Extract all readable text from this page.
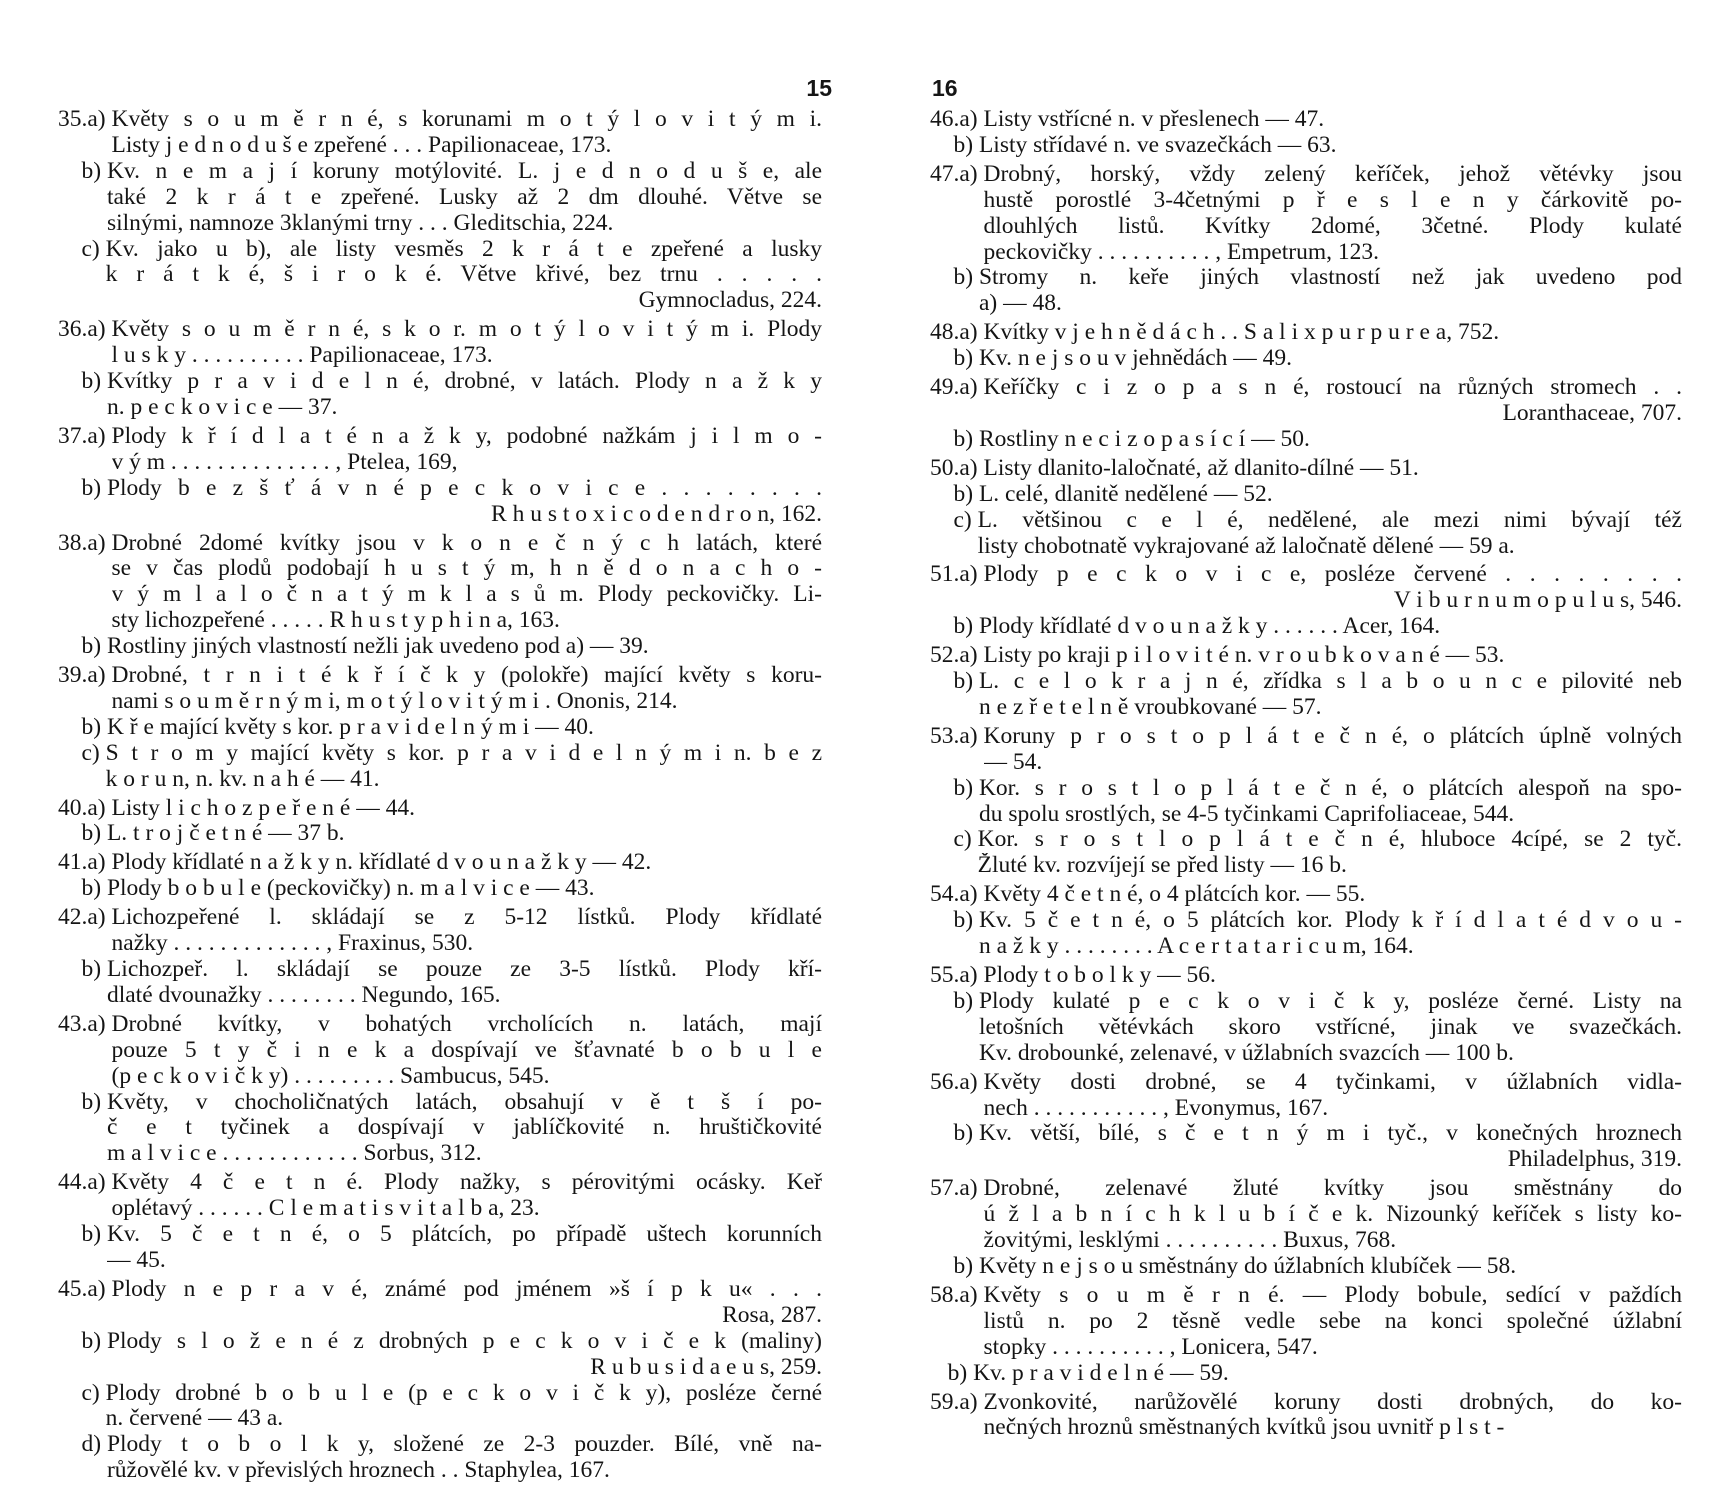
15
35.a) Květy s o u m ě r n é, s korunami m o t ý l o v i t ý m i.
Listy j e d n o d u š e zpeřené . . . Papilionaceae, 173.
b) Kv. n e m a j í koruny motýlovité. L. j e d n o d u š e, ale
také 2 k r á t e zpeřené. Lusky až 2 dm dlouhé. Větve se
silnými, namnoze 3klanými trny . . . Gleditschia, 224.
c) Kv. jako u b), ale listy vesměs 2 k r á t e zpeřené a lusky
k r á t k é, š i r o k é. Větve křivé, bez trnu . . . . .
Gymnocladus, 224.
36.a) Květy s o u m ě r n é, s k o r. m o t ý l o v i t ý m i. Plody
l u s k y . . . . . . . . . . Papilionaceae, 173.
b) Kvítky p r a v i d e l n é, drobné, v latách. Plody n a ž k y
n. p e c k o v i c e — 37.
37.a) Plody k ř í d l a t é n a ž k y, podobné nažkám j i l m o -
v ý m . . . . . . . . . . . . . . , Ptelea, 169,
b) Plody b e z š ť á v n é p e c k o v i c e . . . . . . . .
R h u s t o x i c o d e n d r o n, 162.
38.a) Drobné 2domé kvítky jsou v k o n e č n ý c h latách, které
se v čas plodů podobají h u s t ý m, h n ě d o n a c h o -
v ý m l a l o č n a t ý m k l a s ů m. Plody peckovičky. Li-
sty lichozpeřené . . . . . R h u s t y p h i n a, 163.
b) Rostliny jiných vlastností nežli jak uvedeno pod a) — 39.
39.a) Drobné, t r n i t é k ř í č k y (polokře) mající květy s koru-
nami s o u m ě r n ý m i, m o t ý l o v i t ý m i . Ononis, 214.
b) K ř e mající květy s kor. p r a v i d e l n ý m i — 40.
c) S t r o m y mající květy s kor. p r a v i d e l n ý m i n. b e z
k o r u n, n. kv. n a h é — 41.
40.a) Listy l i c h o z p e ř e n é — 44.
b) L. t r o j č e t n é — 37 b.
41.a) Plody křídlaté n a ž k y n. křídlaté d v o u n a ž k y — 42.
b) Plody b o b u l e (peckovičky) n. m a l v i c e — 43.
42.a) Lichozpeřené l. skládají se z 5-12 lístků. Plody křídlaté
nažky . . . . . . . . . . . . . , Fraxinus, 530.
b) Lichozpeř. l. skládají se pouze ze 3-5 lístků. Plody kří-
dlaté dvounažky . . . . . . . . Negundo, 165.
43.a) Drobné kvítky, v bohatých vrcholících n. latách, mají
pouze 5 t y č i n e k a dospívají ve šťavnaté b o b u l e
(p e c k o v i č k y) . . . . . . . . . Sambucus, 545.
b) Květy, v chocholičnatých latách, obsahují v ě t š í po-
č e t tyčinek a dospívají v jablíčkovité n. hruštičkovité
m a l v i c e . . . . . . . . . . . . Sorbus, 312.
44.a) Květy 4 č e t n é. Plody nažky, s pérovitými ocásky. Keř
oplétavý . . . . . . C l e m a t i s v i t a l b a, 23.
b) Kv. 5 č e t n é, o 5 plátcích, po případě uštech korunních
— 45.
45.a) Plody n e p r a v é, známé pod jménem »š í p k u« . . .
Rosa, 287.
b) Plody s l o ž e n é z drobných p e c k o v i č e k (maliny)
R u b u s i d a e u s, 259.
c) Plody drobné b o b u l e (p e c k o v i č k y), posléze černé
n. červené — 43 a.
d) Plody t o b o l k y, složené ze 2-3 pouzder. Bílé, vně na-
růžovělé kv. v převislých hroznech . . Staphylea, 167.
16
46.a) Listy vstřícné n. v přeslenech — 47.
b) Listy střídavé n. ve svazečkách — 63.
47.a) Drobný, horský, vždy zelený keříček, jehož větévky jsou
hustě porostlé 3-4četnými p ř e s l e n y čárkovitě po-
dlouhlých listů. Kvítky 2domé, 3četné. Plody kulaté
peckovičky . . . . . . . . . . , Empetrum, 123.
b) Stromy n. keře jiných vlastností než jak uvedeno pod
a) — 48.
48.a) Kvítky v j e h n ě d á c h . . S a l i x p u r p u r e a, 752.
b) Kv. n e j s o u v jehnědách — 49.
49.a) Keříčky c i z o p a s n é, rostoucí na různých stromech . .
Loranthaceae, 707.
b) Rostliny n e c i z o p a s í c í — 50.
50.a) Listy dlanito-laločnaté, až dlanito-dílné — 51.
b) L. celé, dlanitě nedělené — 52.
c) L. většinou c e l é, nedělené, ale mezi nimi bývají též
listy chobotnatě vykrajované až laločnatě dělené — 59 a.
51.a) Plody p e c k o v i c e, posléze červené . . . . . . . .
V i b u r n u m o p u l u s, 546.
b) Plody křídlaté d v o u n a ž k y . . . . . . Acer, 164.
52.a) Listy po kraji p i l o v i t é n. v r o u b k o v a n é — 53.
b) L. c e l o k r a j n é, zřídka s l a b o u n c e pilovité neb
n e z ř e t e l n ě vroubkované — 57.
53.a) Koruny p r o s t o p l á t e č n é, o plátcích úplně volných
— 54.
b) Kor. s r o s t l o p l á t e č n é, o plátcích alespoň na spo-
du spolu srostlých, se 4-5 tyčinkami Caprifoliaceae, 544.
c) Kor. s r o s t l o p l á t e č n é, hluboce 4cípé, se 2 tyč.
Žluté kv. rozvíjejí se před listy — 16 b.
54.a) Květy 4 č e t n é, o 4 plátcích kor. — 55.
b) Kv. 5 č e t n é, o 5 plátcích kor. Plody k ř í d l a t é d v o u -
n a ž k y . . . . . . . . A c e r t a t a r i c u m, 164.
55.a) Plody t o b o l k y — 56.
b) Plody kulaté p e c k o v i č k y, posléze černé. Listy na
letošních větévkách skoro vstřícné, jinak ve svazečkách.
Kv. drobounké, zelenavé, v úžlabních svazcích — 100 b.
56.a) Květy dosti drobné, se 4 tyčinkami, v úžlabních vidla-
nech . . . . . . . . . . . , Evonymus, 167.
b) Kv. větší, bílé, s č e t n ý m i tyč., v konečných hroznech
Philadelphus, 319.
57.a) Drobné, zelenavé žluté kvítky jsou směstnány do
ú ž l a b n í c h k l u b í č e k. Nizounký keříček s listy ko-
žovitými, lesklými . . . . . . . . . . Buxus, 768.
b) Květy n e j s o u směstnány do úžlabních klubíček — 58.
58.a) Květy s o u m ě r n é. — Plody bobule, sedící v paždích
listů n. po 2 těsně vedle sebe na konci společné úžlabní
stopky . . . . . . . . . . , Lonicera, 547.
b) Kv. p r a v i d e l n é — 59.
59.a) Zvonkovité, narůžovělé koruny dosti drobných, do ko-
nečných hroznů směstnaných kvítků jsou uvnitř p l s t -
